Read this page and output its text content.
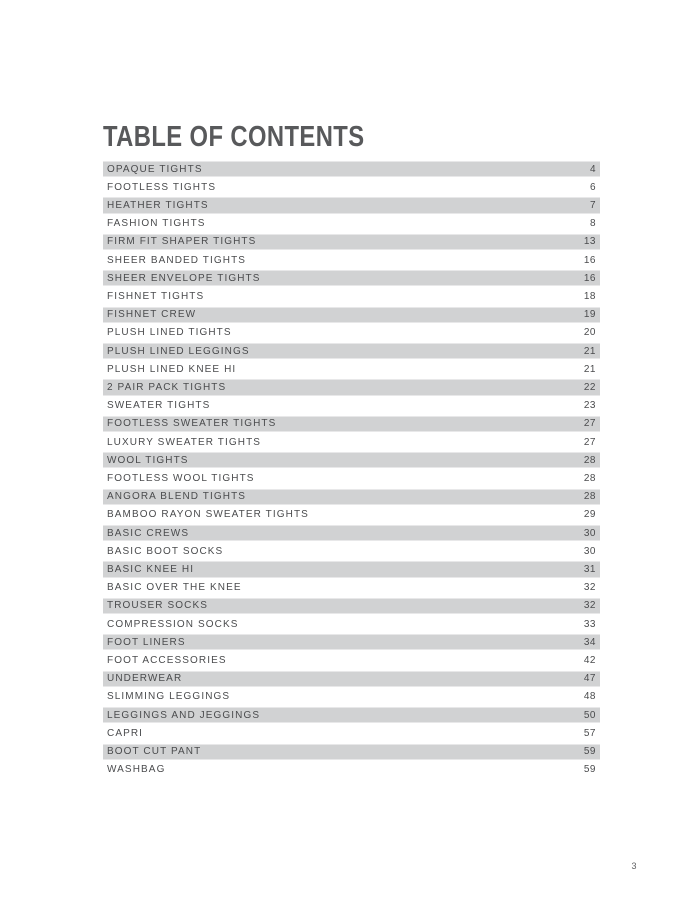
TABLE OF CONTENTS
OPAQUE TIGHTS	4
FOOTLESS TIGHTS	6
HEATHER TIGHTS	7
FASHION TIGHTS	8
FIRM FIT SHAPER TIGHTS	13
SHEER BANDED TIGHTS	16
SHEER ENVELOPE TIGHTS	16
FISHNET TIGHTS	18
FISHNET CREW	19
PLUSH LINED TIGHTS	20
PLUSH LINED LEGGINGS	21
PLUSH LINED KNEE HI	21
2 PAIR PACK TIGHTS	22
SWEATER TIGHTS	23
FOOTLESS SWEATER TIGHTS	27
LUXURY SWEATER TIGHTS	27
WOOL TIGHTS	28
FOOTLESS WOOL TIGHTS	28
ANGORA BLEND TIGHTS	28
BAMBOO RAYON SWEATER TIGHTS	29
BASIC CREWS	30
BASIC BOOT SOCKS	30
BASIC KNEE HI	31
BASIC OVER THE KNEE	32
TROUSER SOCKS	32
COMPRESSION SOCKS	33
FOOT LINERS	34
FOOT ACCESSORIES	42
UNDERWEAR	47
SLIMMING LEGGINGS	48
LEGGINGS AND JEGGINGS	50
CAPRI	57
BOOT CUT PANT	59
WASHBAG	59
3
